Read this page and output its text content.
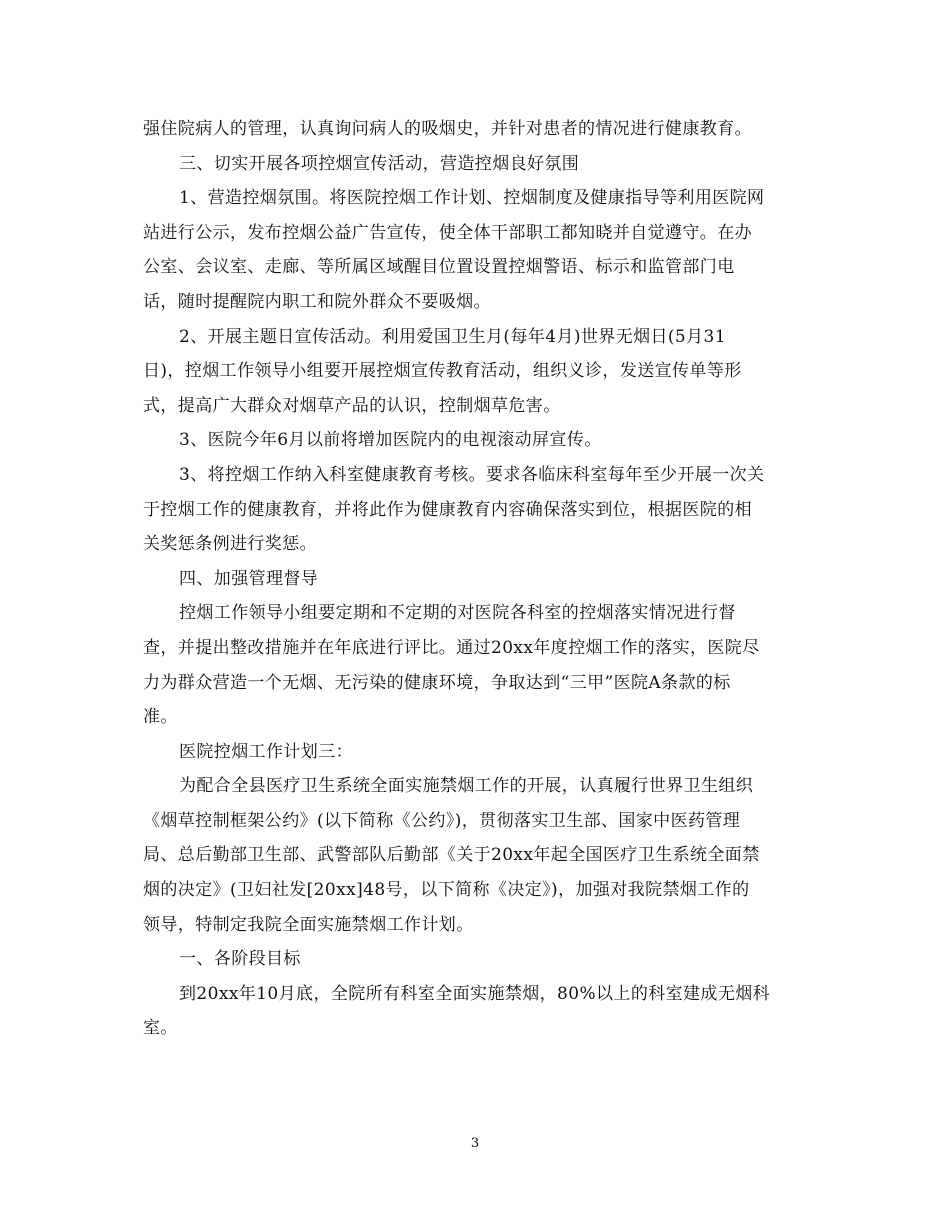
强住院病人的管理，认真询问病人的吸烟史，并针对患者的情况进行健康教育。
三、切实开展各项控烟宣传活动，营造控烟良好氛围
1、营造控烟氛围。将医院控烟工作计划、控烟制度及健康指导等利用医院网
站进行公示，发布控烟公益广告宣传，使全体干部职工都知晓并自觉遵守。在办
公室、会议室、走廊、等所属区域醒目位置设置控烟警语、标示和监管部门电
话，随时提醒院内职工和院外群众不要吸烟。
2、开展主题日宣传活动。利用爱国卫生月(每年4月)世界无烟日(5月31
日)，控烟工作领导小组要开展控烟宣传教育活动，组织义诊，发送宣传单等形
式，提高广大群众对烟草产品的认识，控制烟草危害。
3、医院今年6月以前将增加医院内的电视滚动屏宣传。
3、将控烟工作纳入科室健康教育考核。要求各临床科室每年至少开展一次关
于控烟工作的健康教育，并将此作为健康教育内容确保落实到位，根据医院的相
关奖惩条例进行奖惩。
四、加强管理督导
控烟工作领导小组要定期和不定期的对医院各科室的控烟落实情况进行督
查，并提出整改措施并在年底进行评比。通过20xx年度控烟工作的落实，医院尽
力为群众营造一个无烟、无污染的健康环境，争取达到“三甲”医院A条款的标
准。
医院控烟工作计划三：
为配合全县医疗卫生系统全面实施禁烟工作的开展，认真履行世界卫生组织
《烟草控制框架公约》(以下简称《公约》)，贯彻落实卫生部、国家中医药管理
局、总后勤部卫生部、武警部队后勤部《关于20xx年起全国医疗卫生系统全面禁
烟的决定》(卫妇社发[20xx]48号，以下简称《决定》)，加强对我院禁烟工作的
领导，特制定我院全面实施禁烟工作计划。
一、各阶段目标
到20xx年10月底，全院所有科室全面实施禁烟，80%以上的科室建成无烟科
室。
3
